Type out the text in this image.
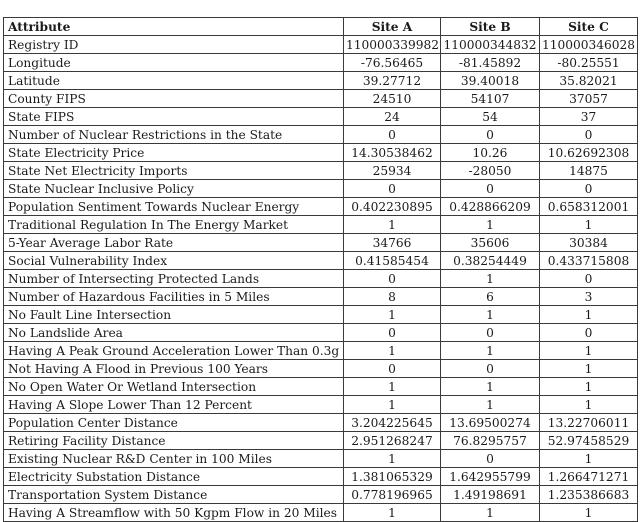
Attribute	Site A	Site B	Site C
Registry ID	110000339982	110000344832	110000346028
Longitude	-76.56465	-81.45892	-80.25551
Latitude	39.27712	39.40018	35.82021
County FIPS	24510	54107	37057
State FIPS	24	54	37
Number of Nuclear Restrictions in the State	0	0	0
State Electricity Price	14.30538462	10.26	10.62692308
State Net Electricity Imports	25934	-28050	14875
State Nuclear Inclusive Policy	0	0	0
Population Sentiment Towards Nuclear Energy	0.402230895	0.428866209	0.658312001
Traditional Regulation In The Energy Market	1	1	1
5-Year Average Labor Rate	34766	35606	30384
Social Vulnerability Index	0.41585454	0.38254449	0.433715808
Number of Intersecting Protected Lands	0	1	0
Number of Hazardous Facilities in 5 Miles	8	6	3
No Fault Line Intersection	1	1	1
No Landslide Area	0	0	0
Having A Peak Ground Acceleration Lower Than 0.3g	1	1	1
Not Having A Flood in Previous 100 Years	0	0	1
No Open Water Or Wetland Intersection	1	1	1
Having A Slope Lower Than 12 Percent	1	1	1
Population Center Distance	3.204225645	13.69500274	13.22706011
Retiring Facility Distance	2.951268247	76.8295757	52.97458529
Existing Nuclear R&D Center in 100 Miles	1	0	1
Electricity Substation Distance	1.381065329	1.642955799	1.266471271
Transportation System Distance	0.778196965	1.49198691	1.235386683
Having A Streamflow with 50 Kgpm Flow in 20 Miles	1	1	1
